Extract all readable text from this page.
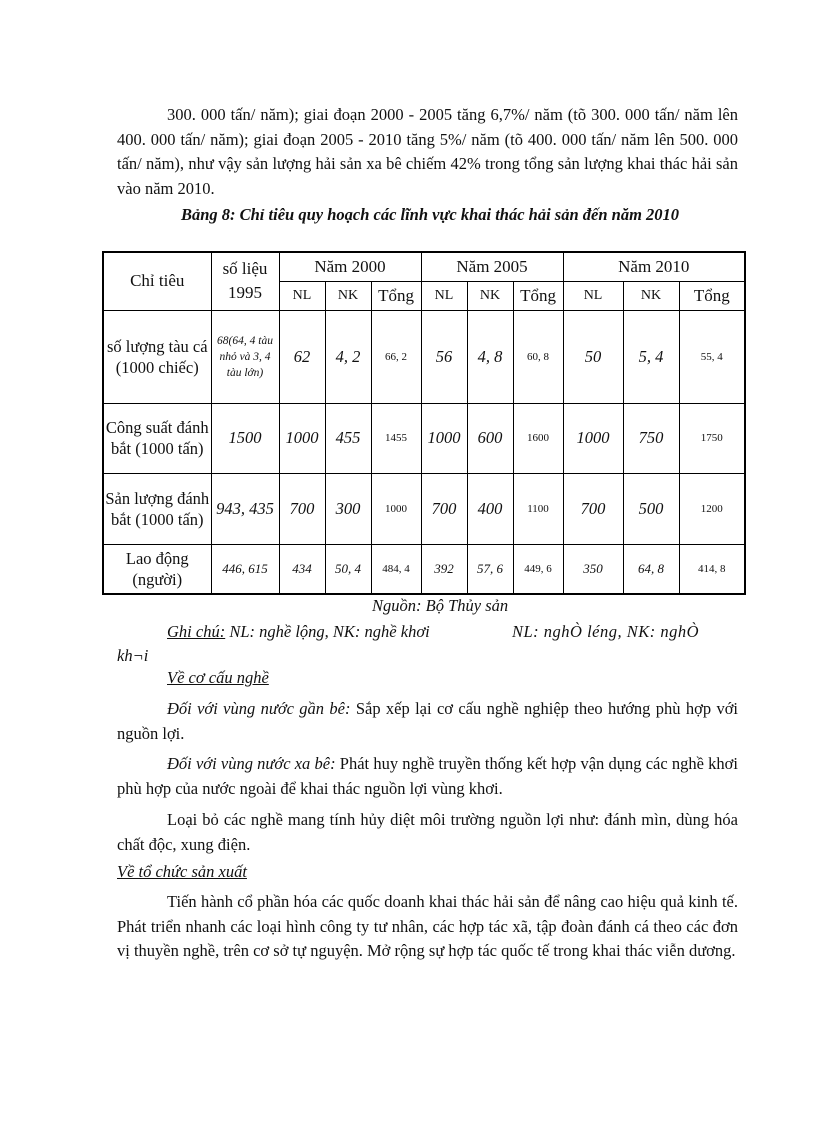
300. 000 tấn/ năm); giai đoạn 2000 - 2005 tăng 6,7%/ năm (tõ 300. 000 tấn/ năm lên 400. 000 tấn/ năm); giai đoạn 2005 - 2010 tăng 5%/ năm (tõ 400. 000 tấn/ năm lên 500. 000 tấn/ năm), như vậy sản lượng hải sản xa bê chiếm 42% trong tổng sản lượng khai thác hải sản vào năm 2010.

Bảng 8: Chỉ tiêu quy hoạch các lĩnh vực khai thác hải sản đến năm 2010

Chỉ tiêu	số liệu 1995	Năm 2000			Năm 2005			Năm 2010		
		NL	NK	Tổng	NL	NK	Tổng	NL	NK	Tổng
số lượng tàu cá (1000 chiếc)	68(64, 4 tàu nhỏ và 3, 4 tàu lớn)	62	4, 2	66, 2	56	4, 8	60, 8	50	5, 4	55, 4
Công suất đánh bắt (1000 tấn)	1500	1000	455	1455	1000	600	1600	1000	750	1750
Sản lượng đánh bắt (1000 tấn)	943, 435	700	300	1000	700	400	1100	700	500	1200
Lao động (người)	446, 615	434	50, 4	484, 4	392	57, 6	449, 6	350	64, 8	414, 8
Nguồn: Bộ Thủy sản
Ghi chú: NL: nghề lộng, NK: nghề khơi	NL: nghÒ léng, NK: nghÒ
kh¬i
Về cơ cấu nghề

Đối với vùng nước gần bê: Sắp xếp lại cơ cấu nghề nghiệp theo hướng phù hợp với nguồn lợi.

Đối với vùng nước xa bê: Phát huy nghề truyền thống kết hợp vận dụng các nghề khơi phù hợp của nước ngoài để khai thác nguồn lợi vùng khơi.

Loại bỏ các nghề mang tính hủy diệt môi trường nguồn lợi như: đánh mìn, dùng hóa chất độc, xung điện.

Về tổ chức sản xuất

Tiến hành cổ phần hóa các quốc doanh khai thác hải sản để nâng cao hiệu quả kinh tế. Phát triển nhanh các loại hình công ty tư nhân, các hợp tác xã, tập đoàn đánh cá theo các đơn vị thuyền nghề, trên cơ sở tự nguyện. Mở rộng sự hợp tác quốc tế trong khai thác viễn dương.
